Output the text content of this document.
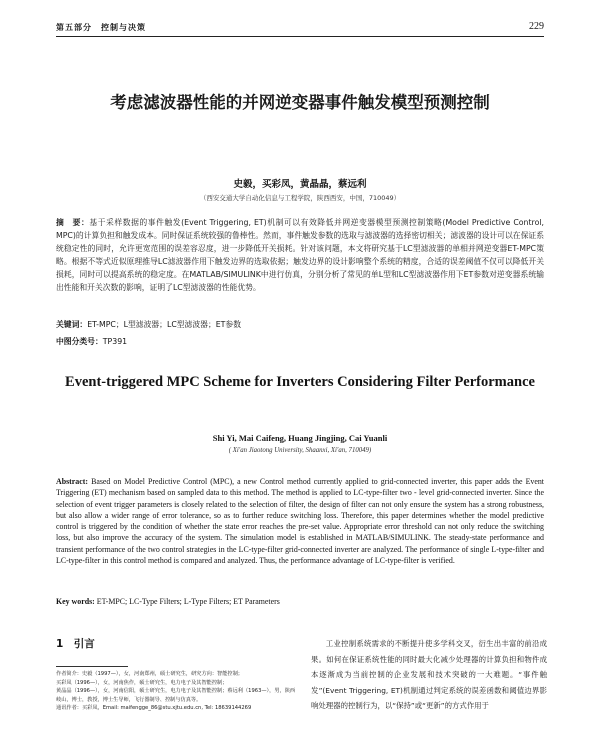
第五部分　控制与决策	229
考虑滤波器性能的并网逆变器事件触发模型预测控制
史毅，买彩凤，黄晶晶，蔡远利
（西安交通大学自动化信息与工程学院，陕西西安，中国，710049）
摘　要：基于采样数据的事件触发(Event Triggering, ET)机制可以有效降低并网逆变器模型预测控制策略(Model Predictive Control, MPC)的计算负担和触发成本。同时保证系统较强的鲁棒性。然而，事件触发参数的选取与滤波器的选择密切相关；滤波器的设计可以在保证系统稳定性的同时，允许更宽范围的误差容忍度，进一步降低开关损耗。针对该问题，本文将研究基于LC型滤波器的单相并网逆变器ET-MPC策略。根据不等式近似原理推导LC滤波器作用下触发边界的选取依据；触发边界的设计影响整个系统的精度，合适的误差阈值不仅可以降低开关损耗，同时可以提高系统的稳定度。在MATLAB/SIMULINK中进行仿真，分别分析了常见的单L型和LC型滤波器作用下ET参数对逆变器系统输出性能和开关次数的影响，证明了LC型滤波器的性能优势。
关键词：ET-MPC；L型滤波器；LC型滤波器；ET参数
中图分类号：TP391
Event-triggered MPC Scheme for Inverters Considering Filter Performance
Shi Yi, Mai Caifeng, Huang Jingjing, Cai Yuanli
( Xi'an Jiaotong University, Shaanxi, Xi'an, 710049)
Abstract: Based on Model Predictive Control (MPC), a new Control method currently applied to grid-connected inverter, this paper adds the Event Triggering (ET) mechanism based on sampled data to this method. The method is applied to LC-type-filter two - level grid-connected inverter. Since the selection of event trigger parameters is closely related to the selection of filter, the design of filter can not only ensure the system has a strong robustness, but also allow a wider range of error tolerance, so as to further reduce switching loss. Therefore, this paper determines whether the model predictive control is triggered by the condition of whether the state error reaches the pre-set value. Appropriate error threshold can not only reduce the switching loss, but also improve the accuracy of the system. The simulation model is established in MATLAB/SIMULINK. The steady-state performance and transient performance of the two control strategies in the LC-type-filter grid-connected inverter are analyzed. The performance of single L-type-filter and LC-type-filter in this control method is compared and analyzed. Thus, the performance advantage of LC-type-filter is verified.
Key words: ET-MPC; LC-Type Filters; L-Type Filters; ET Parameters
1　引言
作者简介：史毅（1997—），女，河南郑州，硕士研究生，研究方向：智能控制；
买彩凤（1996—），女，河南焦作，硕士研究生，电力电子及其智能控制；
黄晶晶（1996—），女，河南信阳，硕士研究生，电力电子及其智能控制；蔡远利（1963—），男，陕西岐山，博士，教授，博士生导师，飞行器制导、控制与仿真等。
通讯作者：买彩凤，Email: maifengge_86@stu.xjtu.edu.cn, Tel: 18639144269
工业控制系统需求的不断提升使多学科交叉，衍生出丰富的前沿成果。如何在保证系统性能的同时最大化减少处理器的计算负担和物件成本逐渐成为当前控制的企业发展和技术突破的一大难题。“事件触发”(Event Triggering, ET)机制通过判定系统的误差函数和阈值边界影响处理器的控制行为，以“保持”或“更新”的方式作用于
